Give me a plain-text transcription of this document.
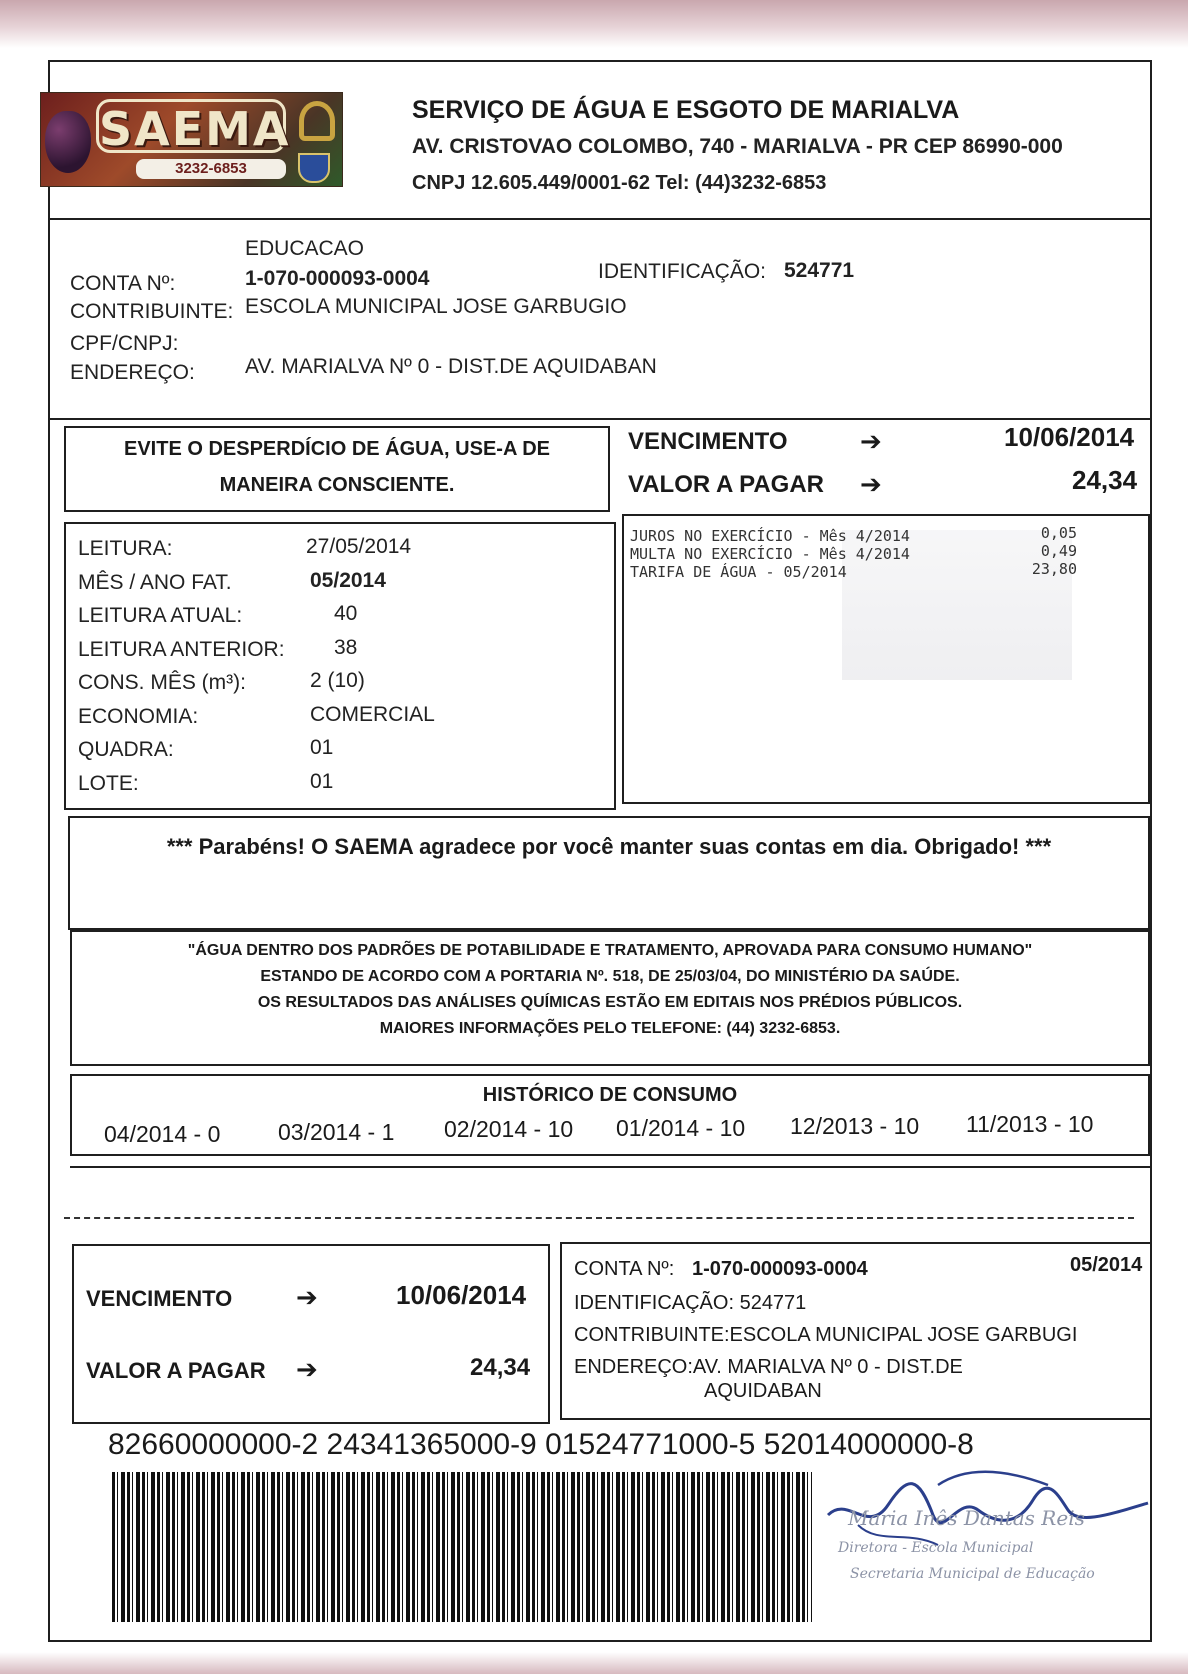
SAEMA
3232-6853
SERVIÇO DE ÁGUA E ESGOTO DE MARIALVA
AV. CRISTOVAO COLOMBO, 740 - MARIALVA - PR CEP 86990-000
CNPJ 12.605.449/0001-62 Tel: (44)3232-6853
EDUCACAO
CONTA Nº:	1-070-000093-0004	IDENTIFICAÇÃO: 524771
CONTRIBUINTE: ESCOLA MUNICIPAL JOSE GARBUGIO
CPF/CNPJ:
ENDEREÇO: AV. MARIALVA Nº 0 - DIST.DE AQUIDABAN
EVITE O DESPERDÍCIO DE ÁGUA, USE-A DE
MANEIRA CONSCIENTE.
VENCIMENTO	➔	10/06/2014
VALOR A PAGAR ➔	24,34
LEITURA:	27/05/2014
MÊS / ANO FAT.	05/2014
LEITURA ATUAL:	40
LEITURA ANTERIOR: 38
CONS. MÊS (m³):	2 (10)
ECONOMIA:	COMERCIAL
QUADRA:	01
LOTE:	01
JUROS NO EXERCÍCIO - Mês 4/2014	0,05
MULTA NO EXERCÍCIO - Mês 4/2014	0,49
TARIFA DE ÁGUA - 05/2014	23,80
*** Parabéns! O SAEMA agradece por você manter suas contas em dia. Obrigado! ***
"ÁGUA DENTRO DOS PADRÕES DE POTABILIDADE E TRATAMENTO, APROVADA PARA CONSUMO HUMANO"
ESTANDO DE ACORDO COM A PORTARIA Nº. 518, DE 25/03/04, DO MINISTÉRIO DA SAÚDE.
OS RESULTADOS DAS ANÁLISES QUÍMICAS ESTÃO EM EDITAIS NOS PRÉDIOS PÚBLICOS.
MAIORES INFORMAÇÕES PELO TELEFONE: (44) 3232-6853.
HISTÓRICO DE CONSUMO
04/2014 - 0	03/2014 - 1 02/2014 - 10 01/2014 - 10 12/2013 - 10 11/2013 - 10
VENCIMENTO ➔	10/06/2014
VALOR A PAGAR ➔	24,34
CONTA Nº: 1-070-000093-0004	05/2014
IDENTIFICAÇÃO: 524771
CONTRIBUINTE:ESCOLA MUNICIPAL JOSE GARBUGI
ENDEREÇO:AV. MARIALVA Nº 0 - DIST.DE
AQUIDABAN
82660000000-2 24341365000-9 01524771000-5 52014000000-8
Maria Inês Dantas Reis
Diretora - Escola Municipal
Secretaria Municipal de Educação
